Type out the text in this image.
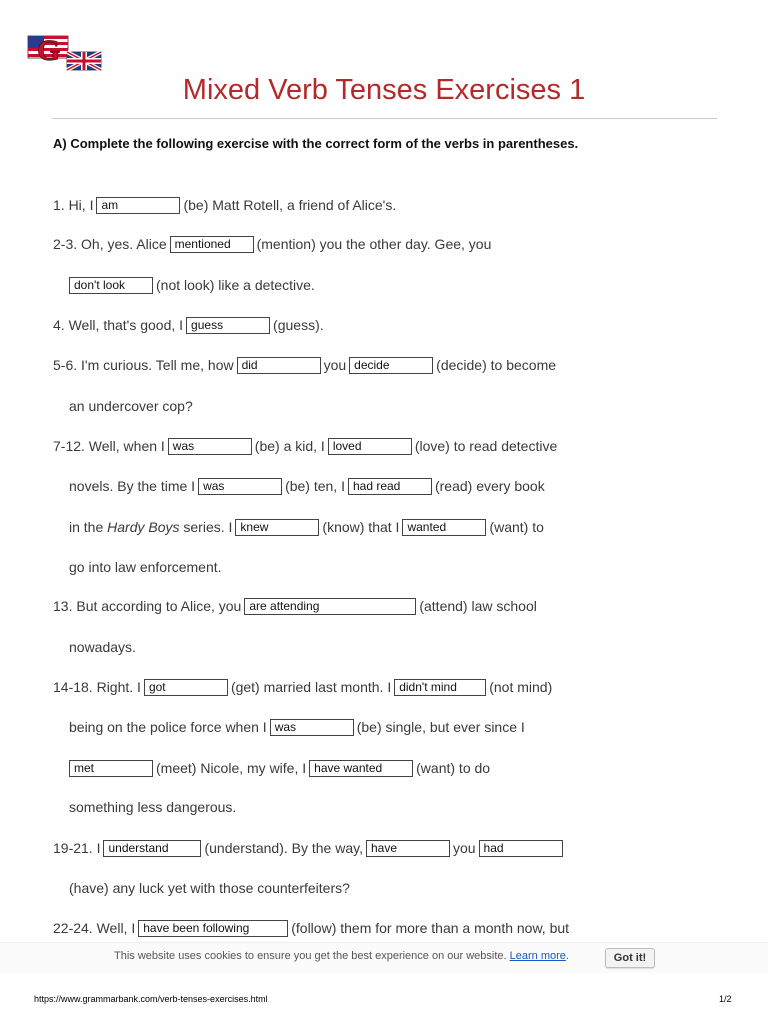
G
Mixed Verb Tenses Exercises 1
A) Complete the following exercise with the correct form of the verbs in parentheses.
1. Hi, I am	(be) Matt Rotell, a friend of Alice's.
2-3. Oh, yes. Alice mentioned (mention) you the other day. Gee, you
don't look (not look) like a detective.
4. Well, that's good, I guess	(guess).
5-6. I'm curious. Tell me, how did	you decide	(decide) to become
an undercover cop?
7-12. Well, when I was	(be) a kid, I loved	(love) to read detective
novels. By the time I was	(be) ten, I had read (read) every book
in the Hardy Boys series. I knew	(know) that I wanted	(want) to
go into law enforcement.
13. But according to Alice, you are attending	(attend) law school
nowadays.
14-18. Right. I got	(get) married last month. I didn't mind (not mind)
being on the police force when I was	(be) single, but ever since I
met	(meet) Nicole, my wife, I have wanted (want) to do
something less dangerous.
19-21. I understand	(understand). By the way, have	you had
(have) any luck yet with those counterfeiters?
22-24. Well, I have been following	(follow) them for more than a month now, but
This website uses cookies to ensure you get the best experience on our website. Learn more.	Got it!
https://www.grammarbank.com/verb-tenses-exercises.html	1/2
